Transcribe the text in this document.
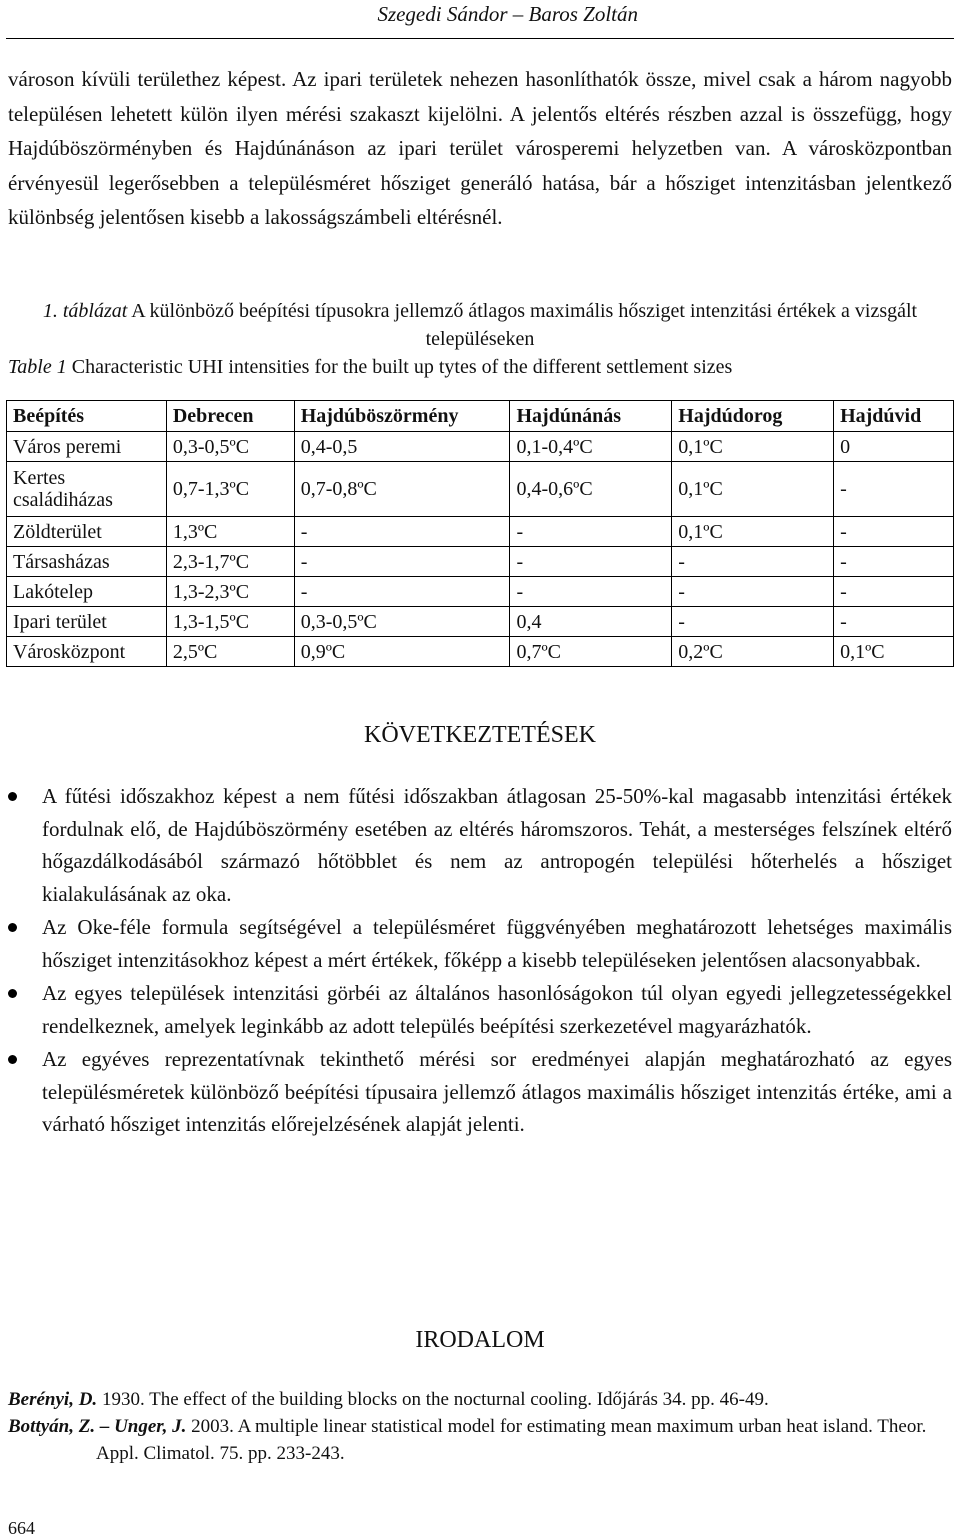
Szegedi Sándor – Baros Zoltán

városon kívüli területhez képest. Az ipari területek nehezen hasonlíthatók össze, mivel csak a három nagyobb településen lehetett külön ilyen mérési szakaszt kijelölni. A jelentős eltérés részben azzal is összefügg, hogy Hajdúböszörményben és Hajdúnánáson az ipari terület városperemi helyzetben van. A városközpontban érvényesül legerősebben a településméret hősziget generáló hatása, bár a hősziget intenzitásban jelentkező különbség jelentősen kisebb a lakosságszámbeli eltérésnél.

1. táblázat A különböző beépítési típusokra jellemző átlagos maximális hősziget intenzitási értékek a vizsgált településeken
Table 1 Characteristic UHI intensities for the built up tytes of the different settlement sizes
Beépítés	Debrecen	Hajdúböszörmény	Hajdúnánás	Hajdúdorog	Hajdúvid
Város peremi	0,3-0,5ºC	0,4-0,5	0,1-0,4ºC	0,1ºC	0
Kertes családiházas	0,7-1,3ºC	0,7-0,8ºC	0,4-0,6ºC	0,1ºC	-
Zöldterület	1,3ºC	-	-	0,1ºC	-
Társasházas	2,3-1,7ºC	-	-	-	-
Lakótelep	1,3-2,3ºC	-	-	-	-
Ipari terület	1,3-1,5ºC	0,3-0,5ºC	0,4	-	-
Városközpont	2,5ºC	0,9ºC	0,7ºC	0,2ºC	0,1ºC
KÖVETKEZTETÉSEK
A fűtési időszakhoz képest a nem fűtési időszakban átlagosan 25-50%-kal magasabb intenzitási értékek fordulnak elő, de Hajdúböszörmény esetében az eltérés háromszoros. Tehát, a mesterséges felszínek eltérő hőgazdálkodásából származó hőtöbblet és nem az antropogén települési hőterhelés a hősziget kialakulásának az oka.
Az Oke-féle formula segítségével a településméret függvényében meghatározott lehetséges maximális hősziget intenzitásokhoz képest a mért értékek, főképp a kisebb településeken jelentősen alacsonyabbak.
Az egyes települések intenzitási görbéi az általános hasonlóságokon túl olyan egyedi jellegzetességekkel rendelkeznek, amelyek leginkább az adott település beépítési szerkezetével magyarázhatók.
Az egyéves reprezentatívnak tekinthető mérési sor eredményei alapján meghatározható az egyes településméretek különböző beépítési típusaira jellemző átlagos maximális hősziget intenzitás értéke, ami a várható hősziget intenzitás előrejelzésének alapját jelenti.
IRODALOM
Berényi, D. 1930. The effect of the building blocks on the nocturnal cooling. Időjárás 34. pp. 46-49.
Bottyán, Z. – Unger, J. 2003. A multiple linear statistical model for estimating mean maximum urban heat island. Theor. Appl. Climatol. 75. pp. 233-243.
664
